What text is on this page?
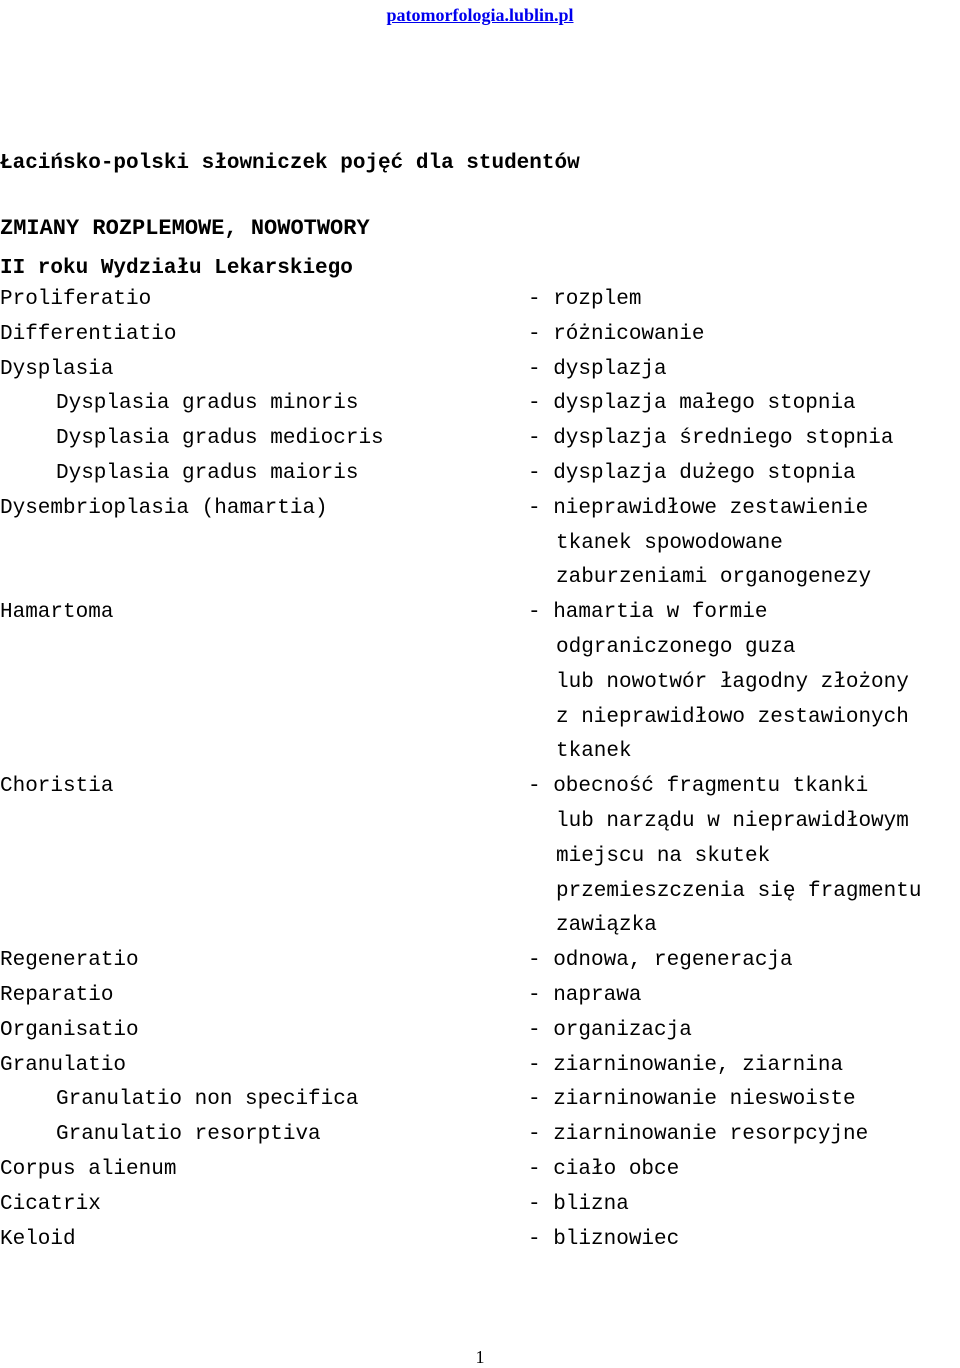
patomorfologia.lublin.pl

Łacińsko-polski słowniczek pojęć dla studentów

II roku Wydziału Lekarskiego

ZMIANY ROZPLEMOWE, NOWOTWORY
Proliferatio	- rozplem
Differentiatio	- różnicowanie
Dysplasia	- dysplazja
Dysplasia gradus minoris	- dysplazja małego stopnia
Dysplasia gradus mediocris	- dysplazja średniego stopnia
Dysplasia gradus maioris	- dysplazja dużego stopnia
Dysembrioplasia (hamartia)	- nieprawidłowe zestawienie
tkanek spowodowane
zaburzeniami organogenezy
Hamartoma	- hamartia w formie
odgraniczonego guza
lub nowotwór łagodny złożony
z nieprawidłowo zestawionych
tkanek
Choristia	- obecność fragmentu tkanki
lub narządu w nieprawidłowym
miejscu na skutek
przemieszczenia się fragmentu
zawiązka
Regeneratio	- odnowa, regeneracja
Reparatio	- naprawa
Organisatio	- organizacja
Granulatio	- ziarninowanie, ziarnina
Granulatio non specifica	- ziarninowanie nieswoiste
Granulatio resorptiva	- ziarninowanie resorpcyjne
Corpus alienum	- ciało obce
Cicatrix	- blizna
Keloid	- bliznowiec
1
